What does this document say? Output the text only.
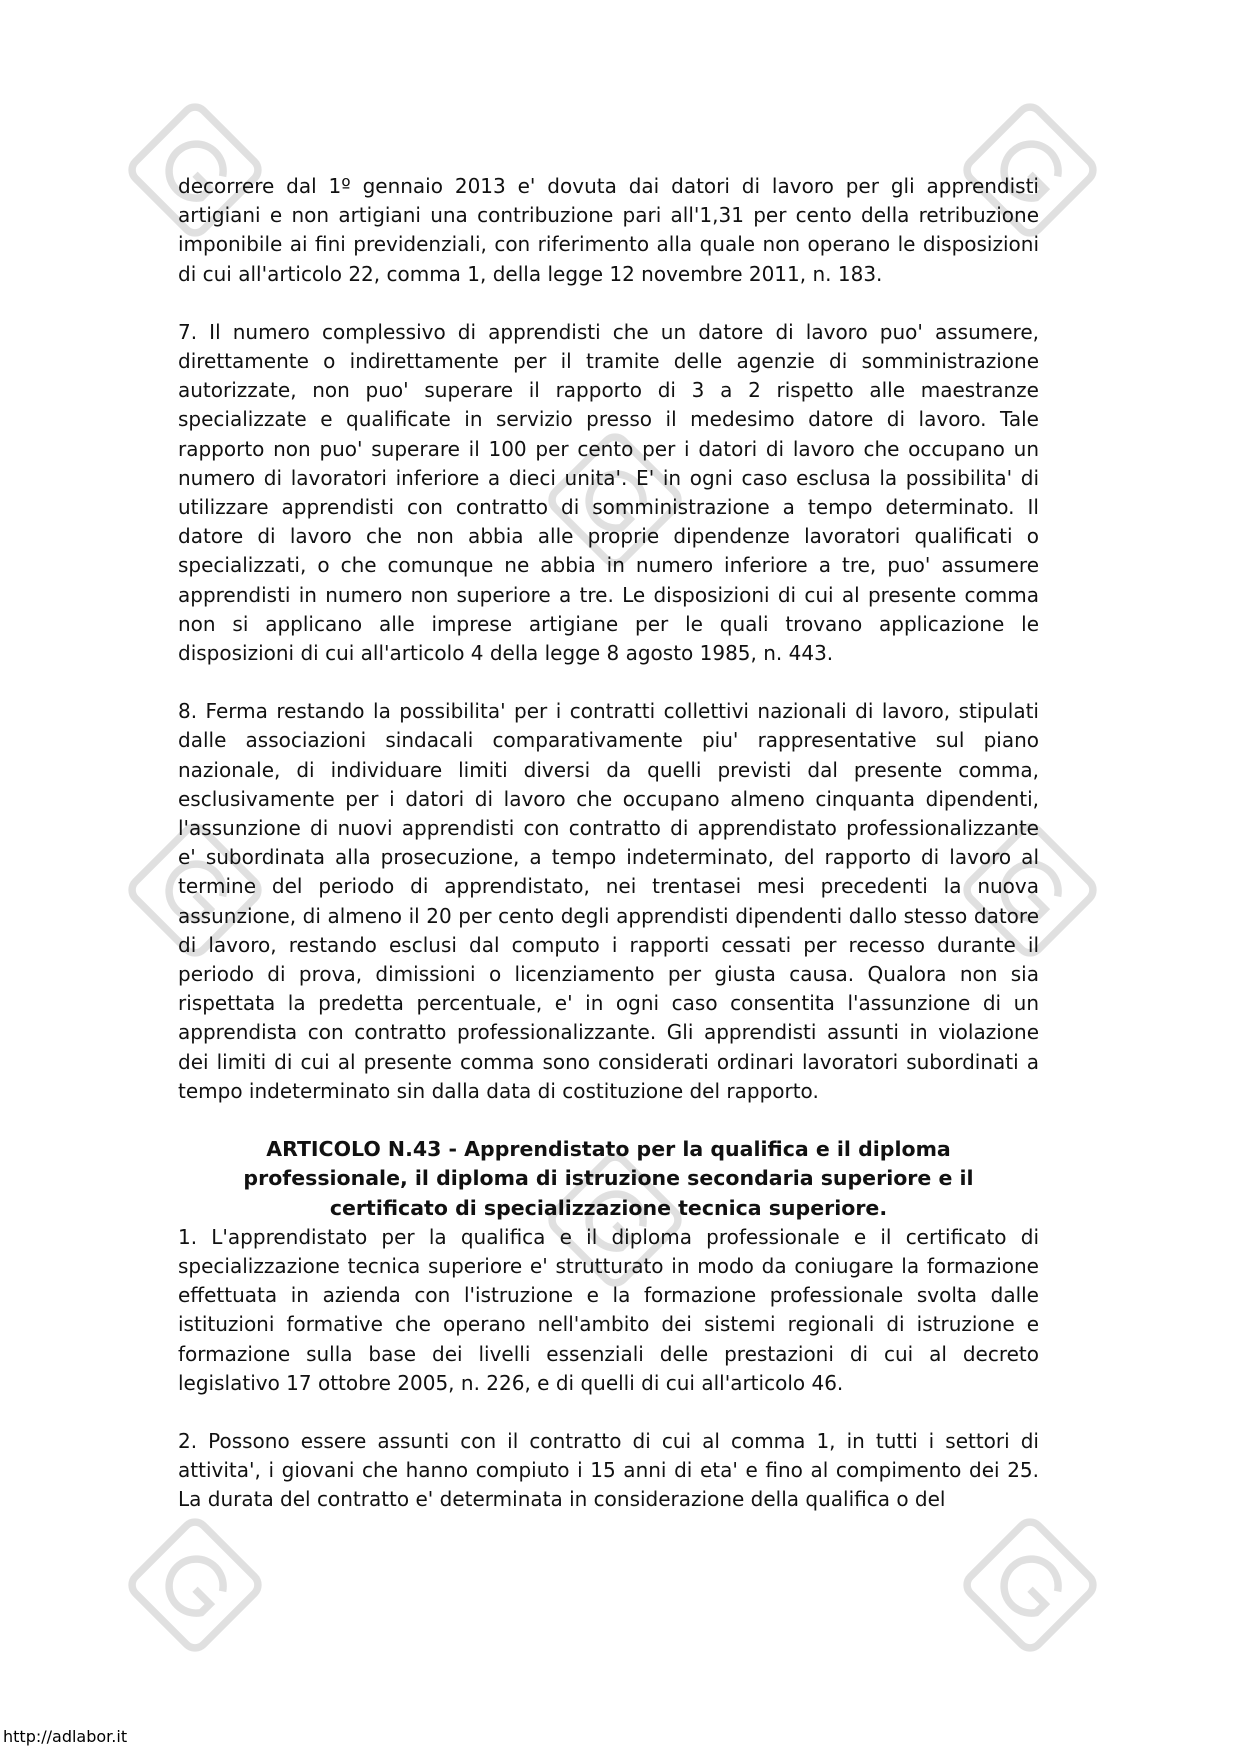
decorrere dal 1º gennaio 2013 e' dovuta dai datori di lavoro per gli apprendisti artigiani e non artigiani una contribuzione pari all'1,31 per cento della retribuzione imponibile ai fini previdenziali, con riferimento alla quale non operano le disposizioni di cui all'articolo 22, comma 1, della legge 12 novembre 2011, n. 183.

7. Il numero complessivo di apprendisti che un datore di lavoro puo' assumere, direttamente o indirettamente per il tramite delle agenzie di somministrazione autorizzate, non puo' superare il rapporto di 3 a 2 rispetto alle maestranze specializzate e qualificate in servizio presso il medesimo datore di lavoro. Tale rapporto non puo' superare il 100 per cento per i datori di lavoro che occupano un numero di lavoratori inferiore a dieci unita'. E' in ogni caso esclusa la possibilita' di utilizzare apprendisti con contratto di somministrazione a tempo determinato. Il datore di lavoro che non abbia alle proprie dipendenze lavoratori qualificati o specializzati, o che comunque ne abbia in numero inferiore a tre, puo' assumere apprendisti in numero non superiore a tre. Le disposizioni di cui al presente comma non si applicano alle imprese artigiane per le quali trovano applicazione le disposizioni di cui all'articolo 4 della legge 8 agosto 1985, n. 443.

8. Ferma restando la possibilita' per i contratti collettivi nazionali di lavoro, stipulati dalle associazioni sindacali comparativamente piu' rappresentative sul piano nazionale, di individuare limiti diversi da quelli previsti dal presente comma, esclusivamente per i datori di lavoro che occupano almeno cinquanta dipendenti, l'assunzione di nuovi apprendisti con contratto di apprendistato professionalizzante e' subordinata alla prosecuzione, a tempo indeterminato, del rapporto di lavoro al termine del periodo di apprendistato, nei trentasei mesi precedenti la nuova assunzione, di almeno il 20 per cento degli apprendisti dipendenti dallo stesso datore di lavoro, restando esclusi dal computo i rapporti cessati per recesso durante il periodo di prova, dimissioni o licenziamento per giusta causa. Qualora non sia rispettata la predetta percentuale, e' in ogni caso consentita l'assunzione di un apprendista con contratto professionalizzante. Gli apprendisti assunti in violazione dei limiti di cui al presente comma sono considerati ordinari lavoratori subordinati a tempo indeterminato sin dalla data di costituzione del rapporto.

ARTICOLO N.43 - Apprendistato per la qualifica e il diploma

professionale, il diploma di istruzione secondaria superiore e il

certificato di specializzazione tecnica superiore.

1. L'apprendistato per la qualifica e il diploma professionale e il certificato di specializzazione tecnica superiore e' strutturato in modo da coniugare la formazione effettuata in azienda con l'istruzione e la formazione professionale svolta dalle istituzioni formative che operano nell'ambito dei sistemi regionali di istruzione e formazione sulla base dei livelli essenziali delle prestazioni di cui al decreto legislativo 17 ottobre 2005, n. 226, e di quelli di cui all'articolo 46.

2. Possono essere assunti con il contratto di cui al comma 1, in tutti i settori di attivita', i giovani che hanno compiuto i 15 anni di eta' e fino al compimento dei 25. La durata del contratto e' determinata in considerazione della qualifica o del

http://adlabor.it
